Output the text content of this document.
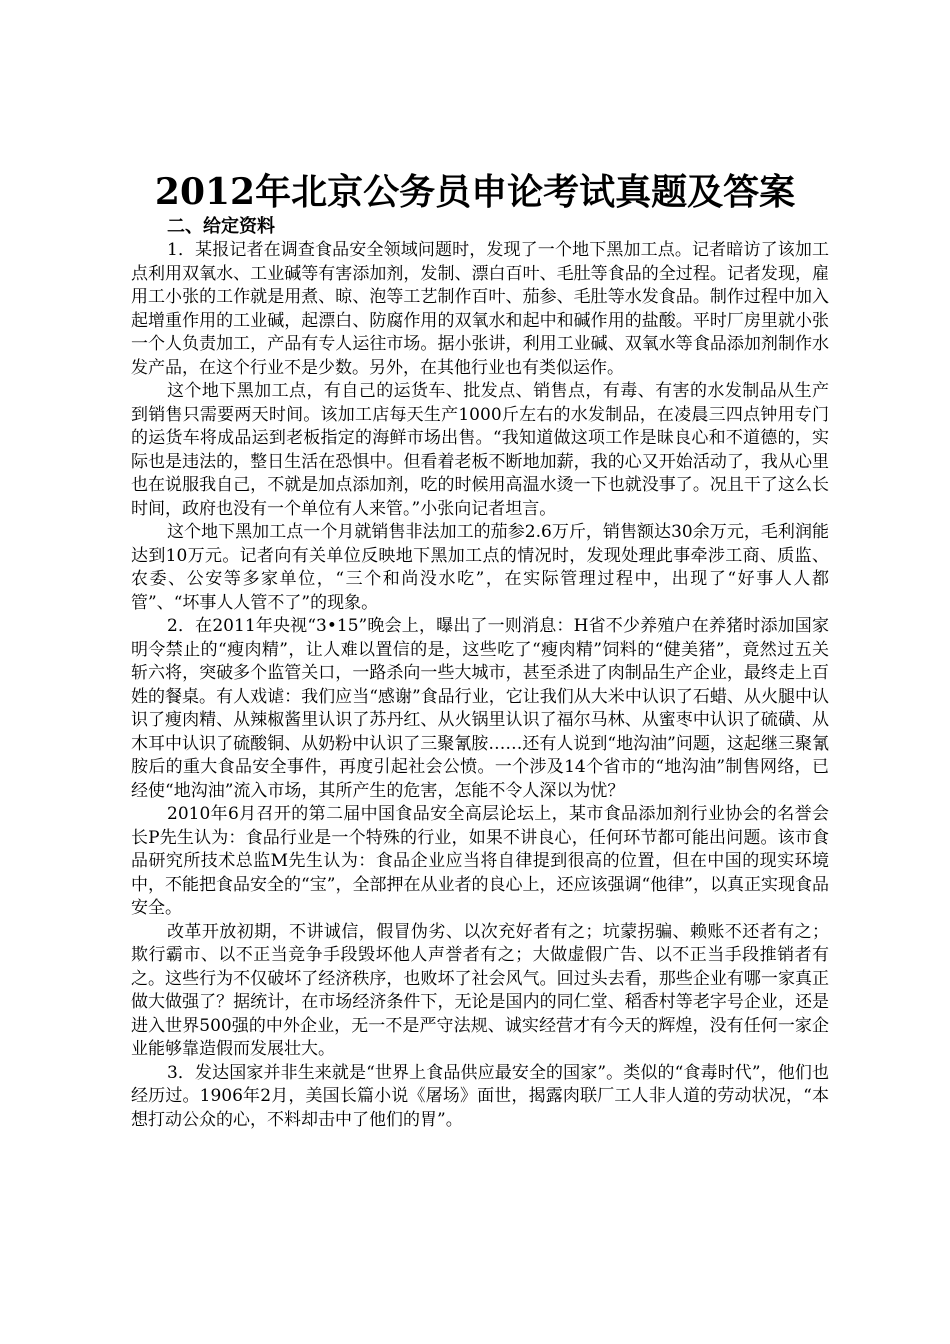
2012年北京公务员申论考试真题及答案
二、给定资料

1．某报记者在调查食品安全领域问题时，发现了一个地下黑加工点。记者暗访了该加工点利用双氧水、工业碱等有害添加剂，发制、漂白百叶、毛肚等食品的全过程。记者发现，雇用工小张的工作就是用煮、晾、泡等工艺制作百叶、茄参、毛肚等水发食品。制作过程中加入起增重作用的工业碱，起漂白、防腐作用的双氧水和起中和碱作用的盐酸。平时厂房里就小张一个人负责加工，产品有专人运往市场。据小张讲，利用工业碱、双氧水等食品添加剂制作水发产品，在这个行业不是少数。另外，在其他行业也有类似运作。

这个地下黑加工点，有自己的运货车、批发点、销售点，有毒、有害的水发制品从生产到销售只需要两天时间。该加工店每天生产1000斤左右的水发制品，在凌晨三四点钟用专门的运货车将成品运到老板指定的海鲜市场出售。“我知道做这项工作是昧良心和不道德的，实际也是违法的，整日生活在恐惧中。但看着老板不断地加薪，我的心又开始活动了，我从心里也在说服我自己，不就是加点添加剂，吃的时候用高温水烫一下也就没事了。况且干了这么长时间，政府也没有一个单位有人来管。”小张向记者坦言。

这个地下黑加工点一个月就销售非法加工的茄参2.6万斤，销售额达30余万元，毛利润能达到10万元。记者向有关单位反映地下黑加工点的情况时，发现处理此事牵涉工商、质监、农委、公安等多家单位，“三个和尚没水吃”，在实际管理过程中，出现了“好事人人都管”、“坏事人人管不了”的现象。

2．在2011年央视“3•15”晚会上，曝出了一则消息：H省不少养殖户在养猪时添加国家明令禁止的“瘦肉精”，让人难以置信的是，这些吃了“瘦肉精”饲料的“健美猪”，竟然过五关斩六将，突破多个监管关口，一路杀向一些大城市，甚至杀进了肉制品生产企业，最终走上百姓的餐桌。有人戏谑：我们应当“感谢”食品行业，它让我们从大米中认识了石蜡、从火腿中认识了瘦肉精、从辣椒酱里认识了苏丹红、从火锅里认识了福尔马林、从蜜枣中认识了硫磺、从木耳中认识了硫酸铜、从奶粉中认识了三聚氰胺……还有人说到“地沟油”问题，这起继三聚氰胺后的重大食品安全事件，再度引起社会公愤。一个涉及14个省市的“地沟油”制售网络，已经使“地沟油”流入市场，其所产生的危害，怎能不令人深以为忧？

2010年6月召开的第二届中国食品安全高层论坛上，某市食品添加剂行业协会的名誉会长P先生认为：食品行业是一个特殊的行业，如果不讲良心，任何环节都可能出问题。该市食品研究所技术总监M先生认为：食品企业应当将自律提到很高的位置，但在中国的现实环境中，不能把食品安全的“宝”，全部押在从业者的良心上，还应该强调“他律”，以真正实现食品安全。

改革开放初期，不讲诚信，假冒伪劣、以次充好者有之；坑蒙拐骗、赖账不还者有之；欺行霸市、以不正当竞争手段毁坏他人声誉者有之；大做虚假广告、以不正当手段推销者有之。这些行为不仅破坏了经济秩序，也败坏了社会风气。回过头去看，那些企业有哪一家真正做大做强了？据统计，在市场经济条件下，无论是国内的同仁堂、稻香村等老字号企业，还是进入世界500强的中外企业，无一不是严守法规、诚实经营才有今天的辉煌，没有任何一家企业能够靠造假而发展壮大。

3．发达国家并非生来就是“世界上食品供应最安全的国家”。类似的“食毒时代”，他们也经历过。1906年2月，美国长篇小说《屠场》面世，揭露肉联厂工人非人道的劳动状况，“本想打动公众的心，不料却击中了他们的胃”。
